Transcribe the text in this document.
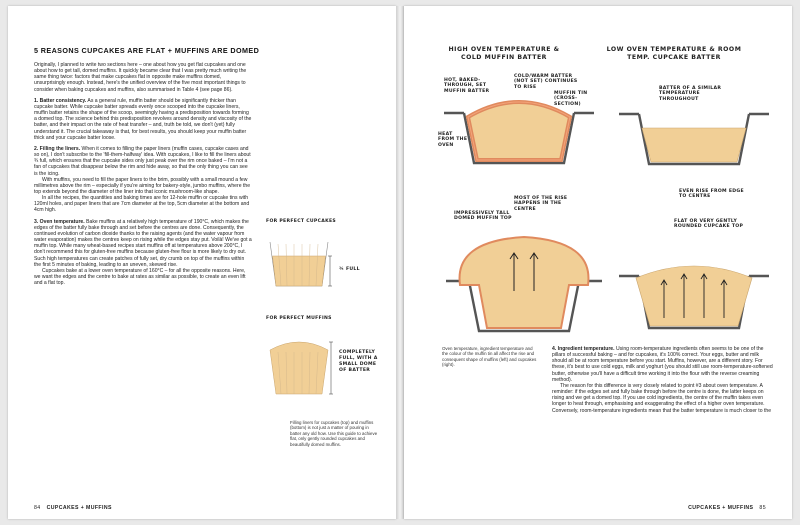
5 REASONS CUPCAKES ARE FLAT + MUFFINS ARE DOMED

Originally, I planned to write two sections here – one about how you get flat cupcakes and one about how to get tall, domed muffins. It quickly became clear that I was pretty much writing the same thing twice: factors that make cupcakes flat in opposite make muffins domed, unsurprisingly enough. Instead, here's the unified overview of the five most important things to consider when baking cupcakes and muffins, also summarised in Table 4 (see page 86).

1. Batter consistency. As a general rule, muffin batter should be significantly thicker than cupcake batter. While cupcake batter spreads evenly once scooped into the cupcake liners, muffin batter retains the shape of the scoop, seemingly having a predisposition towards forming a domed top. The science behind this predisposition revolves around density and viscosity of the batter, and their impact on the rate of heat transfer – and, truth be told, we don't (yet) fully understand it. The crucial takeaway is that, for best results, you should keep your muffin batter thick and your cupcake batter loose.

2. Filling the liners. When it comes to filling the paper liners (muffin cases, cupcake cases and so on), I don't subscribe to the 'fill-them-halfway' idea. With cupcakes, I like to fill the liners about ¾ full, which ensures that the cupcake sides only just peak over the rim once baked – I'm not a fan of cupcakes that disappear below the rim and hide away, so that the only thing you can see is the icing.

With muffins, you need to fill the paper liners to the brim, possibly with a small mound a few millimetres above the rim – especially if you're aiming for bakery-style, jumbo muffins, where the top extends beyond the diameter of the liner into that iconic mushroom-like shape.

In all the recipes, the quantities and baking times are for 12-hole muffin or cupcake tins with 120ml holes, and paper liners that are 7cm diameter at the top, 5cm diameter at the bottom and 4cm high.

3. Oven temperature. Bake muffins at a relatively high temperature of 190°C, which makes the edges of the batter fully bake through and set before the centres are done. Consequently, the continued evolution of carbon dioxide thanks to the raising agents (and the water vapour from water evaporation) makes the centres keep on rising while the edges stay put. Voilà! We've got a muffin top. While many wheat-based recipes start muffins off at temperatures above 200°C, I don't recommend this for gluten-free muffins because gluten-free flour is more likely to dry out. Such high temperatures can create patches of fully set, dry crumb on top of the muffins within the first 5 minutes of baking, leading to an uneven, skewed rise.

Cupcakes bake at a lower oven temperature of 160°C – for all the opposite reasons. Here, we want the edges and the centre to bake at rates as similar as possible, to create an even lift and a flat top.

FOR PERFECT CUPCAKES
¾ FULL
FOR PERFECT MUFFINS
COMPLETELY FULL, WITH A SMALL DOME OF BATTER
Filling liners for cupcakes (top) and muffins (bottom) is not just a matter of pouring in batter any old how. Use this guide to achieve flat, only gently rounded cupcakes and beautifully domed muffins.
84 CUPCAKES + MUFFINS
HIGH OVEN TEMPERATURE & COLD MUFFIN BATTER
LOW OVEN TEMPERATURE & ROOM TEMP. CUPCAKE BATTER
HOT, BAKED-THROUGH, SET MUFFIN BATTER
COLD/WARM BATTER (NOT SET) CONTINUES TO RISE
MUFFIN TIN (CROSS-SECTION)
HEAT FROM THE OVEN
BATTER OF A SIMILAR TEMPERATURE THROUGHOUT
MOST OF THE RISE HAPPENS IN THE CENTRE
EVEN RISE FROM EDGE TO CENTRE
IMPRESSIVELY TALL DOMED MUFFIN TOP
FLAT OR VERY GENTLY ROUNDED CUPCAKE TOP
Oven temperature, ingredient temperature and the colour of the muffin tin all affect the rise and consequent shape of muffins (left) and cupcakes (right).

4. Ingredient temperature. Using room-temperature ingredients often seems to be one of the pillars of successful baking – and for cupcakes, it's 100% correct. Your eggs, butter and milk should all be at room temperature before you start. Muffins, however, are a different story. For these, it's best to use cold eggs, milk and yoghurt (you should still use room-temperature-softened butter, otherwise you'll have a difficult time working it into the flour with the reverse creaming method).

The reason for this difference is very closely related to point #3 about oven temperature. A reminder: if the edges set and fully bake through before the centre is done, the latter keeps on rising and we get a domed top. If you use cold ingredients, the centre of the muffin takes even longer to heat through, emphasising and exaggerating the effect of a higher oven temperature. Conversely, room-temperature ingredients mean that the batter temperature is much closer to the

CUPCAKES + MUFFINS 85
